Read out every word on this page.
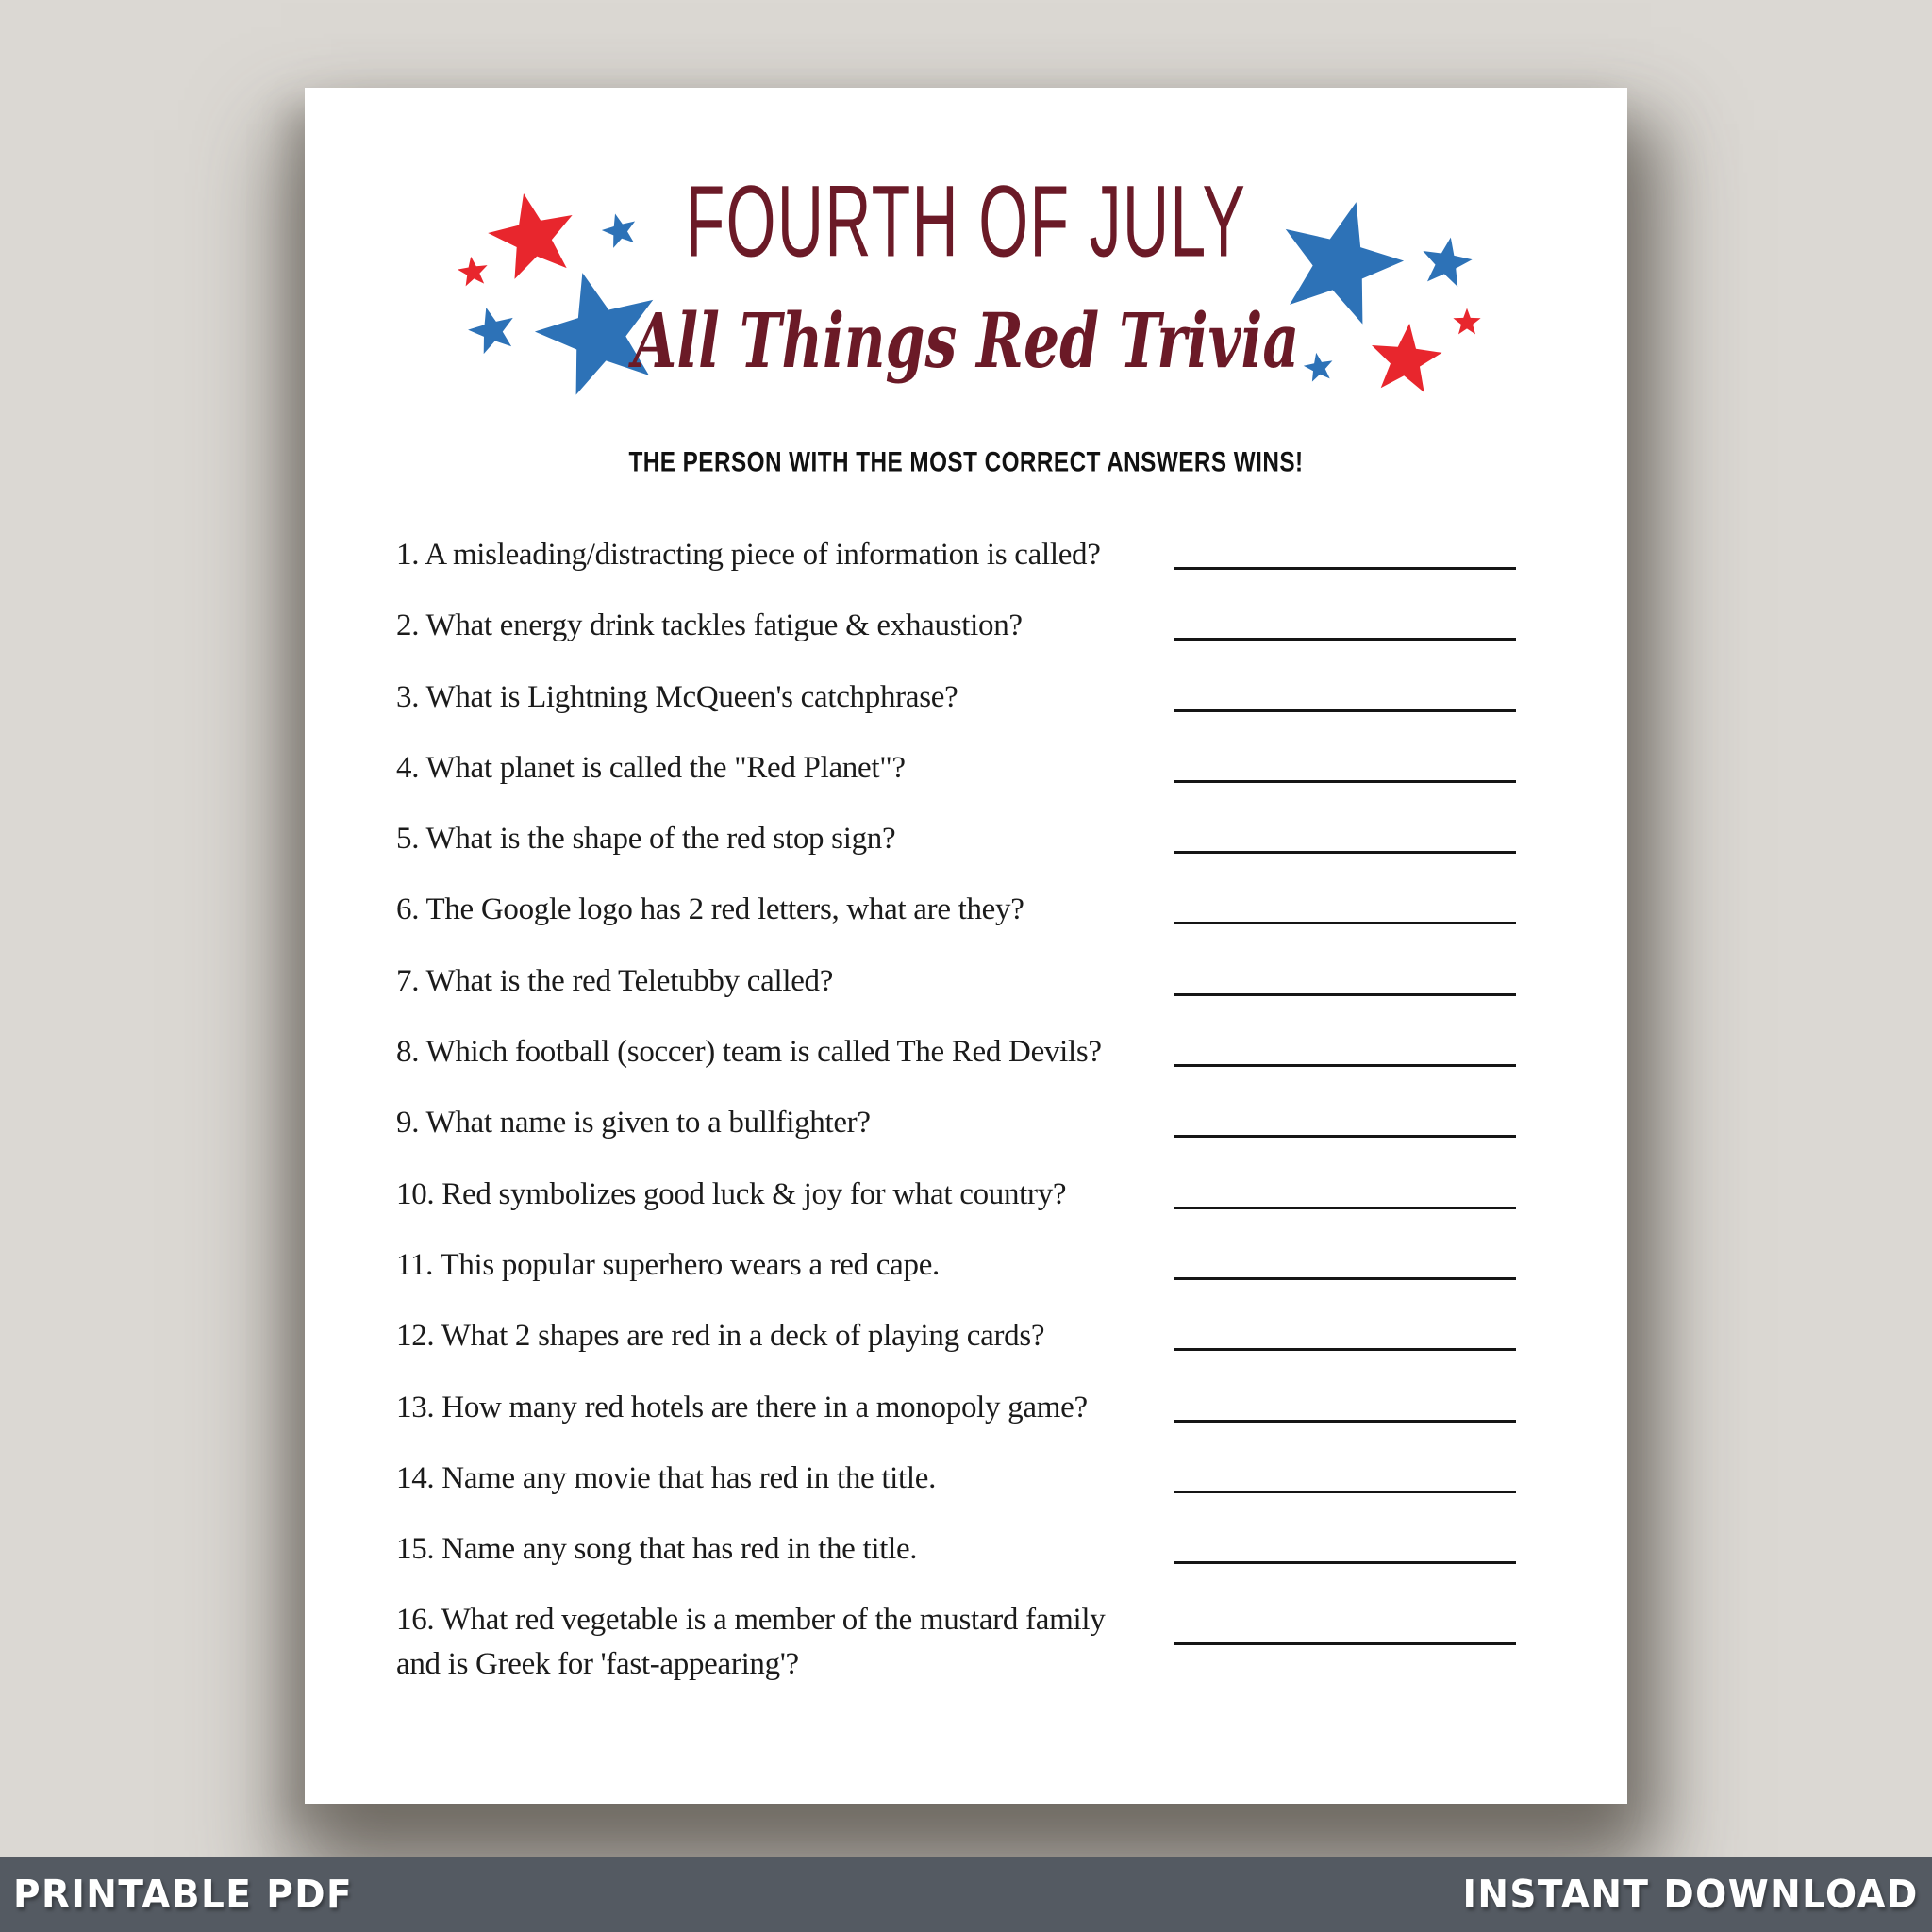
FOURTH OF JULY
All Things Red Trivia
THE PERSON WITH THE MOST CORRECT ANSWERS WINS!
1. A misleading/distracting piece of information is called?
2. What energy drink tackles fatigue & exhaustion?
3. What is Lightning McQueen's catchphrase?
4. What planet is called the "Red Planet"?
5. What is the shape of the red stop sign?
6. The Google logo has 2 red letters, what are they?
7. What is the red Teletubby called?
8. Which football (soccer) team is called The Red Devils?
9. What name is given to a bullfighter?
10. Red symbolizes good luck & joy for what country?
11. This popular superhero wears a red cape.
12. What 2 shapes are red in a deck of playing cards?
13. How many red hotels are there in a monopoly game?
14. Name any movie that has red in the title.
15. Name any song that has red in the title.
16. What red vegetable is a member of the mustard family and is Greek for 'fast-appearing'?
PRINTABLE PDF	INSTANT DOWNLOAD
